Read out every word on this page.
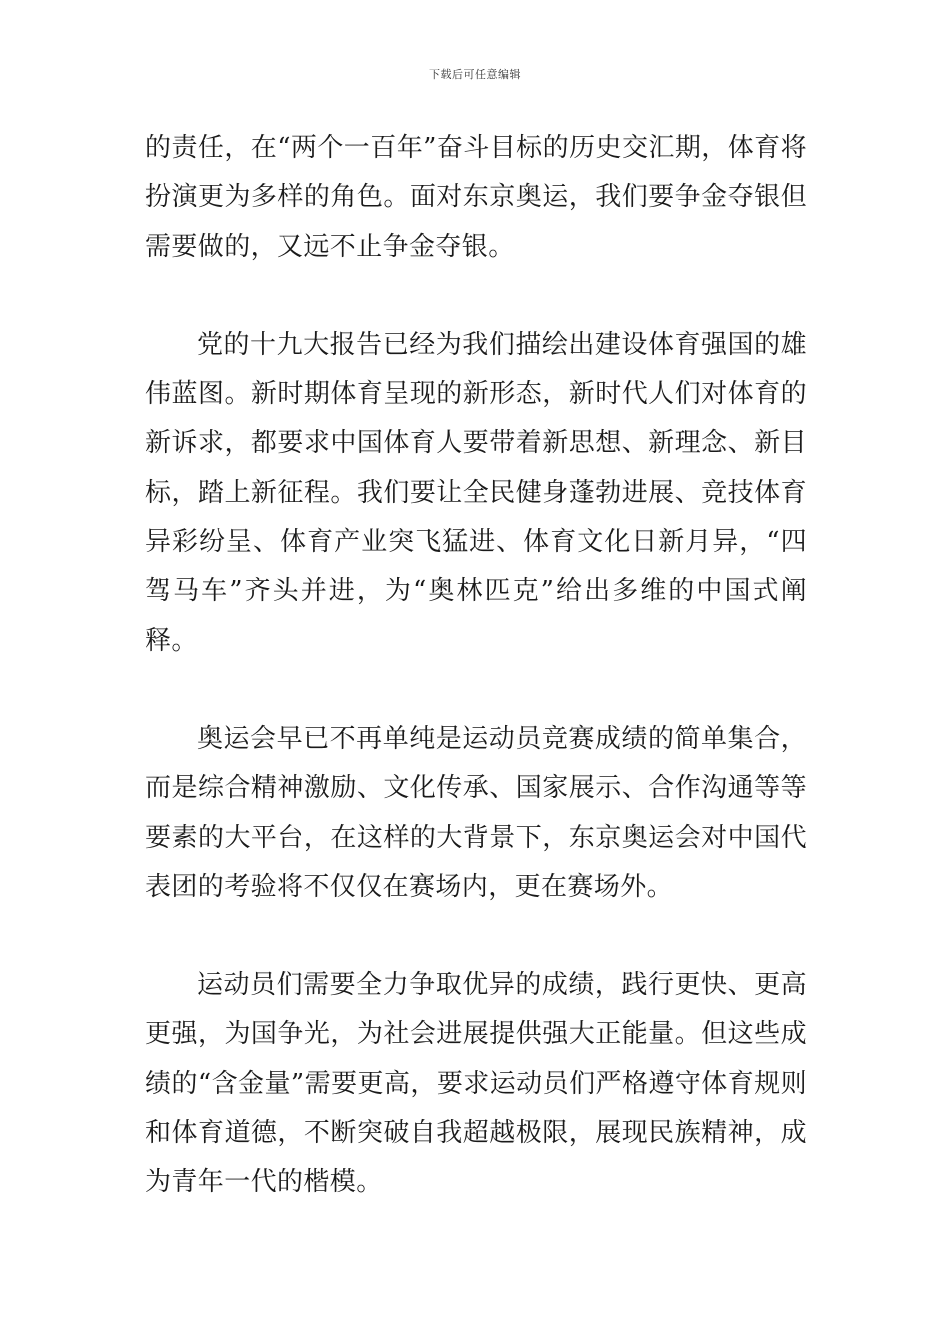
下载后可任意编辑

的责任，在“两个一百年”奋斗目标的历史交汇期，体育将扮演更为多样的角色。面对东京奥运，我们要争金夺银但需要做的，又远不止争金夺银。

党的十九大报告已经为我们描绘出建设体育强国的雄伟蓝图。新时期体育呈现的新形态，新时代人们对体育的新诉求，都要求中国体育人要带着新思想、新理念、新目标，踏上新征程。我们要让全民健身蓬勃进展、竞技体育异彩纷呈、体育产业突飞猛进、体育文化日新月异，“四驾马车”齐头并进，为“奥林匹克”给出多维的中国式阐释。

奥运会早已不再单纯是运动员竞赛成绩的简单集合，而是综合精神激励、文化传承、国家展示、合作沟通等等要素的大平台，在这样的大背景下，东京奥运会对中国代表团的考验将不仅仅在赛场内，更在赛场外。

运动员们需要全力争取优异的成绩，践行更快、更高更强，为国争光，为社会进展提供强大正能量。但这些成绩的“含金量”需要更高，要求运动员们严格遵守体育规则和体育道德，不断突破自我超越极限，展现民族精神，成为青年一代的楷模。
